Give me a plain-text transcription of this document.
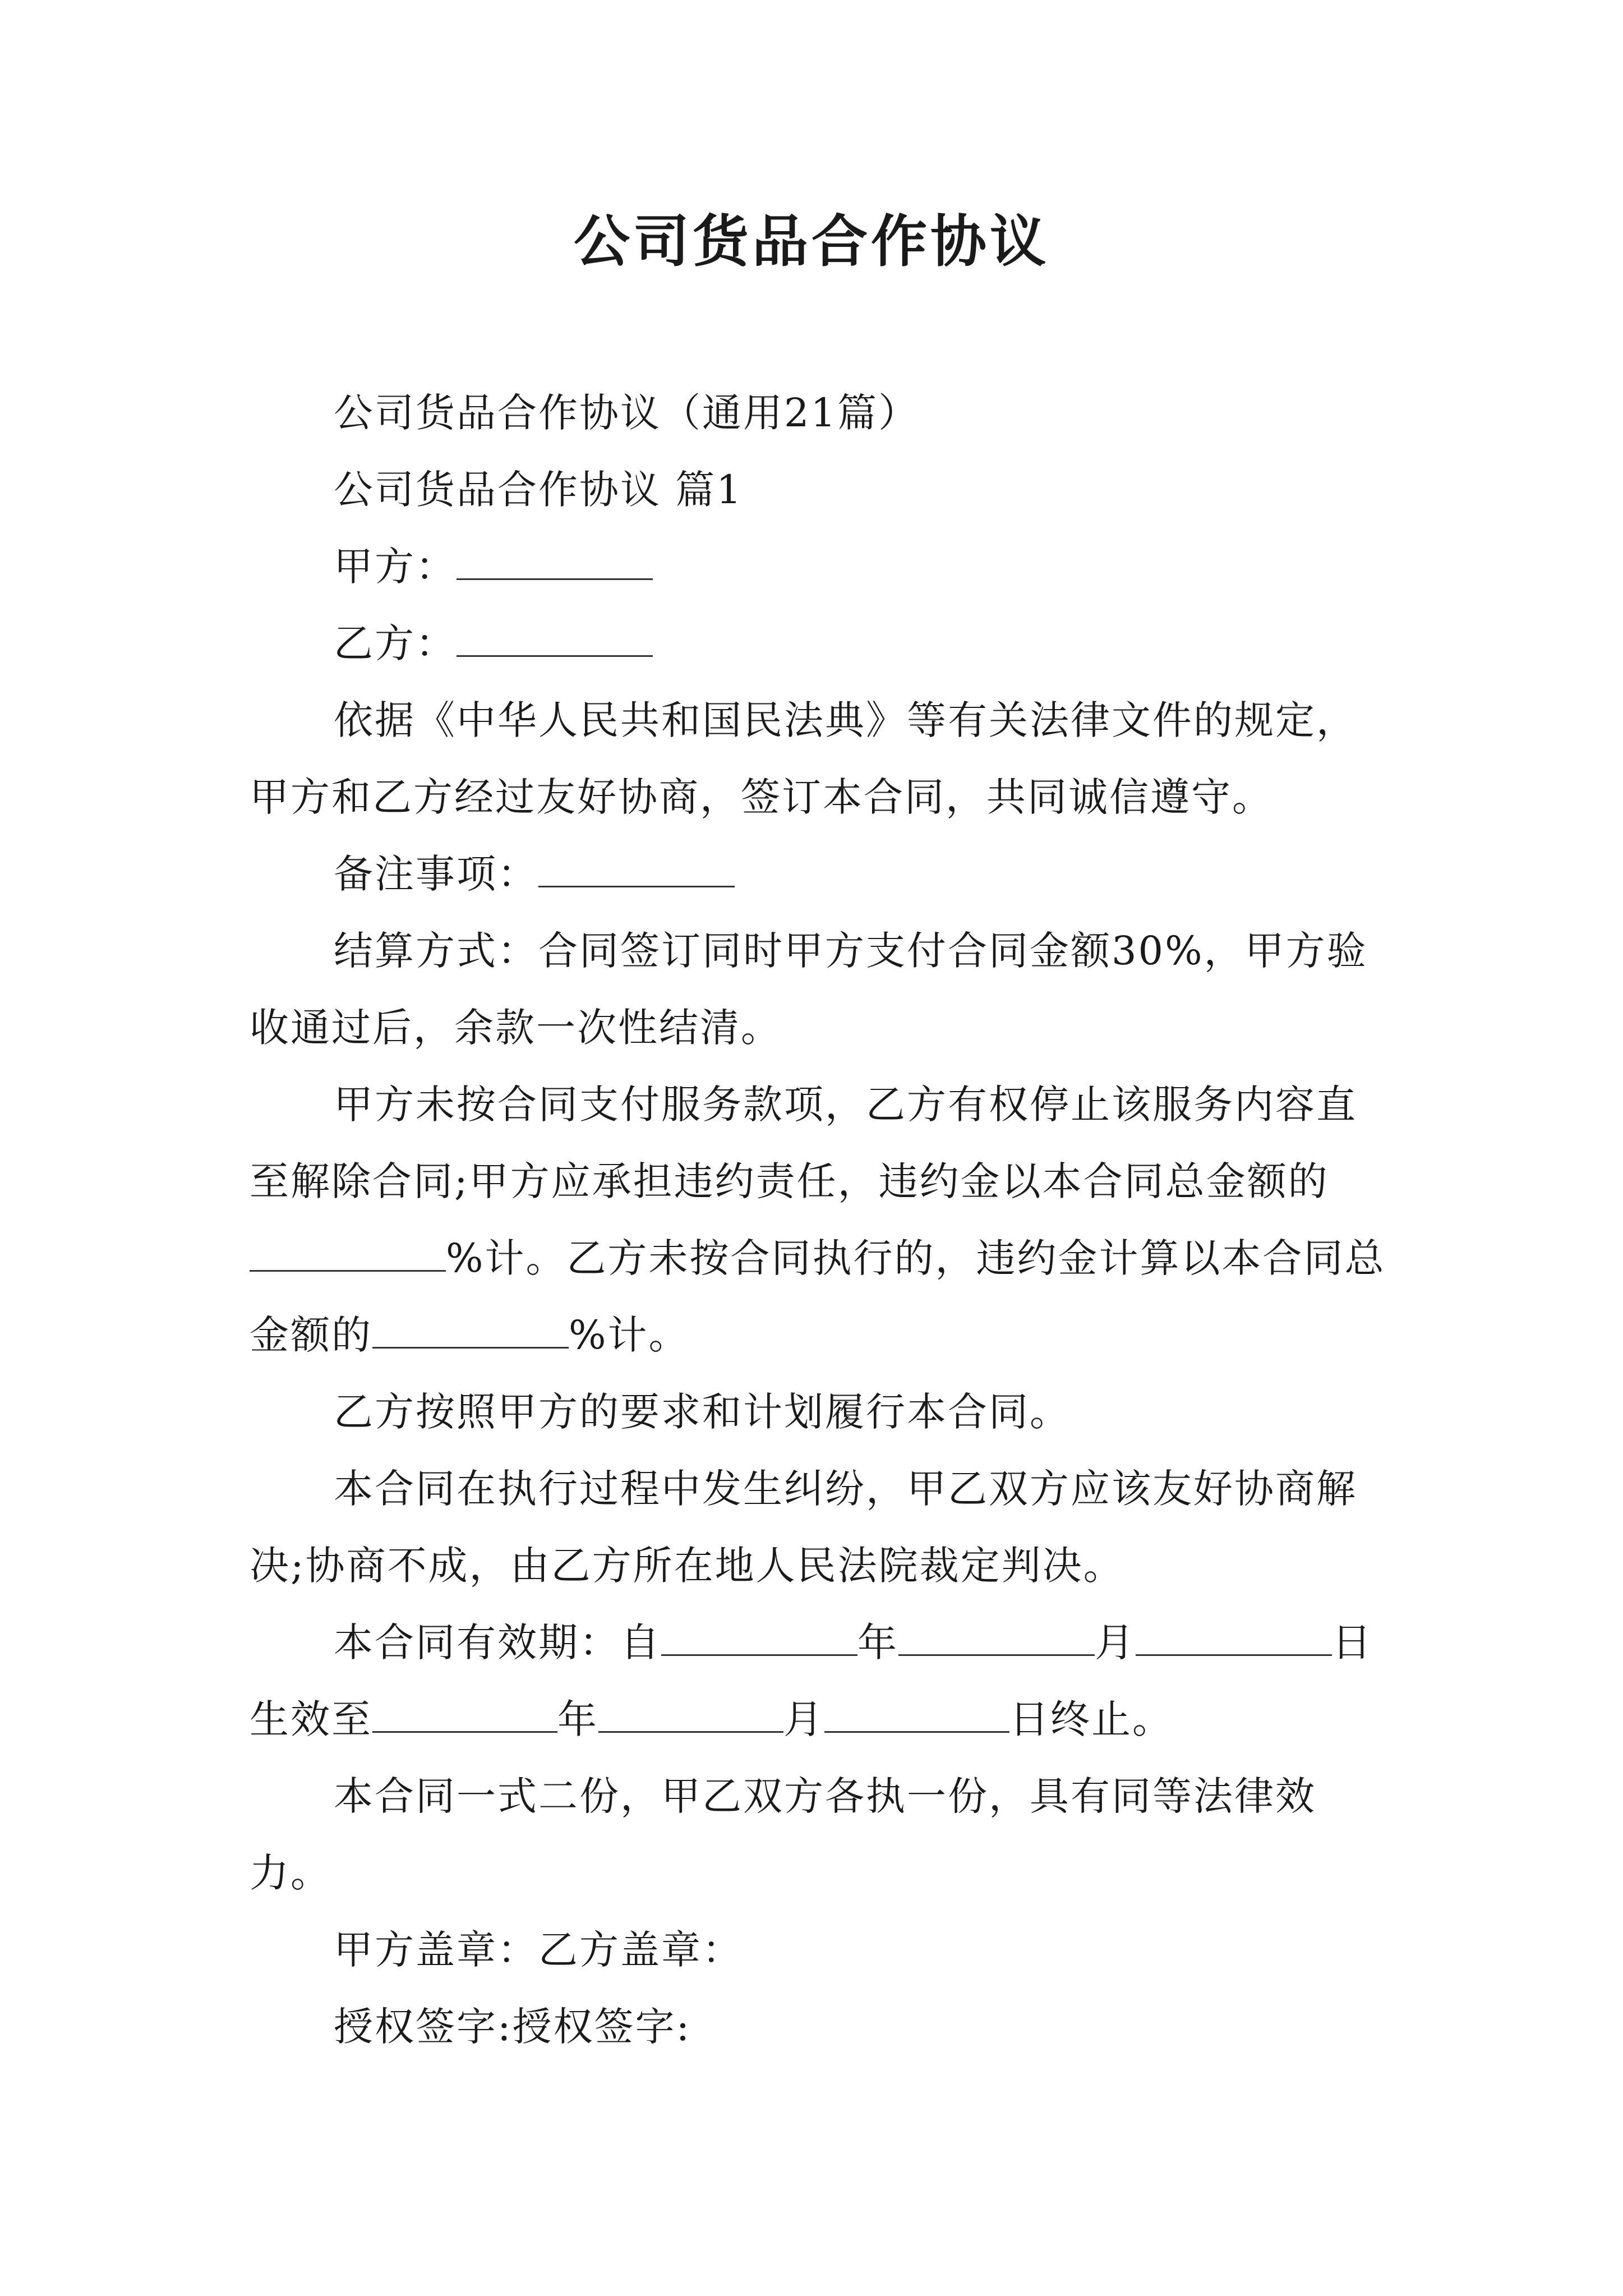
公司货品合作协议

公司货品合作协议（通用21篇）

公司货品合作协议 篇1

甲方：

乙方：

依据《中华人民共和国民法典》等有关法律文件的规定，甲方和乙方经过友好协商，签订本合同，共同诚信遵守。

备注事项：

结算方式：合同签订同时甲方支付合同金额30%，甲方验收通过后，余款一次性结清。

甲方未按合同支付服务款项，乙方有权停止该服务内容直至解除合同;甲方应承担违约责任，违约金以本合同总金额的%计。乙方未按合同执行的，违约金计算以本合同总金额的	%计。

乙方按照甲方的要求和计划履行本合同。

本合同在执行过程中发生纠纷，甲乙双方应该友好协商解决;协商不成，由乙方所在地人民法院裁定判决。

本合同有效期：自	年	月	日生效至	年	月	日终止。

本合同一式二份，甲乙双方各执一份，具有同等法律效力。

甲方盖章：乙方盖章：

授权签字:授权签字:
